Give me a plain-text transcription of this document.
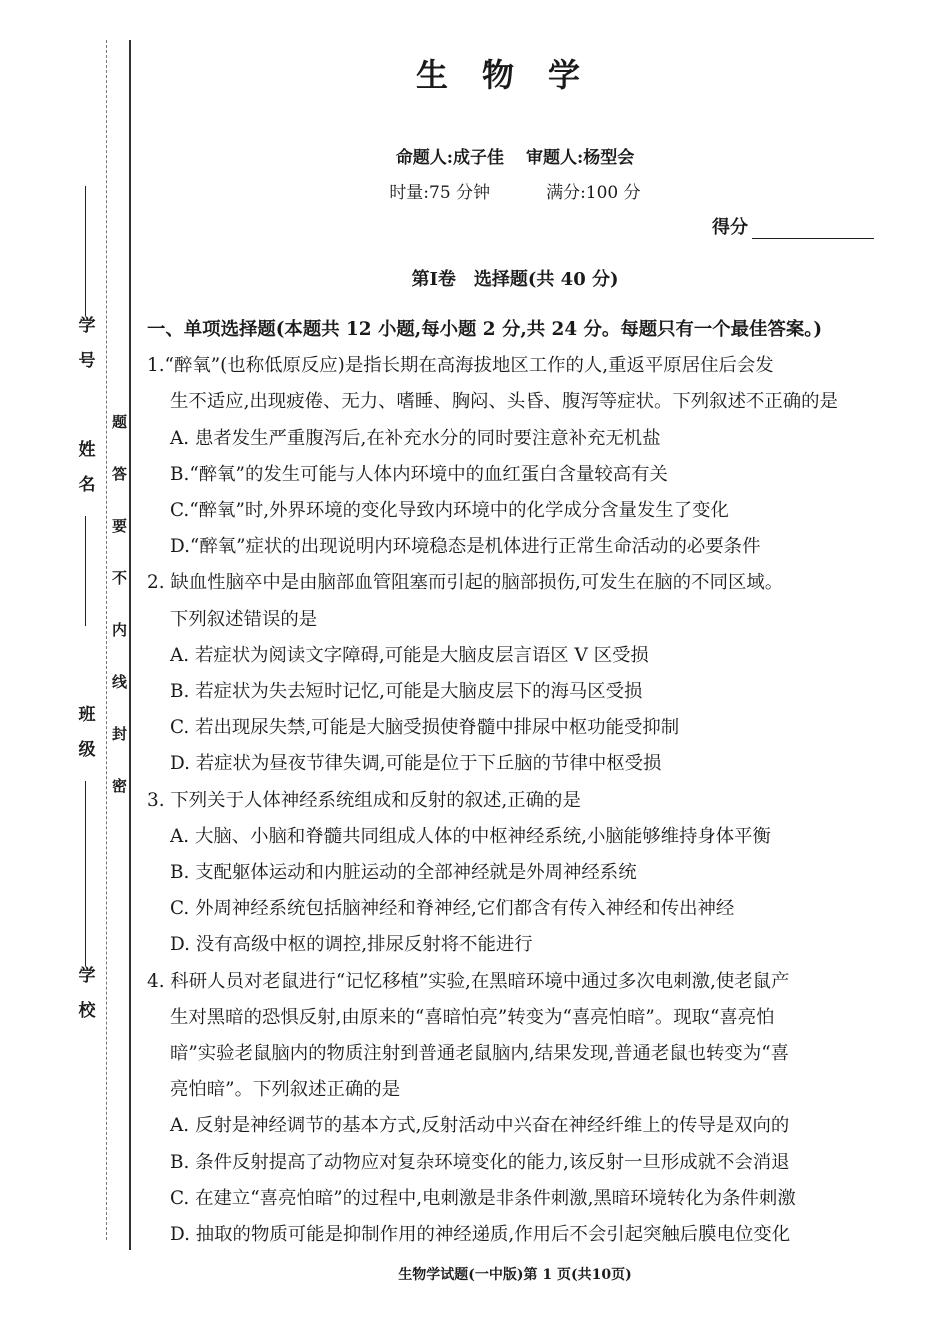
题
答
要
不
内
线
封
密
学号
姓名
班级
学校
生物学
命题人:成子佳 审题人:杨型会
时量:75 分钟	满分:100 分
得分
第Ⅰ卷　选择题(共 40 分)
一、单项选择题(本题共 12 小题,每小题 2 分,共 24 分。每题只有一个最佳答案。)
1.“醉氧”(也称低原反应)是指长期在高海拔地区工作的人,重返平原居住后会发
生不适应,出现疲倦、无力、嗜睡、胸闷、头昏、腹泻等症状。下列叙述不正确的是
A. 患者发生严重腹泻后,在补充水分的同时要注意补充无机盐
B.“醉氧”的发生可能与人体内环境中的血红蛋白含量较高有关
C.“醉氧”时,外界环境的变化导致内环境中的化学成分含量发生了变化
D.“醉氧”症状的出现说明内环境稳态是机体进行正常生命活动的必要条件
2. 缺血性脑卒中是由脑部血管阻塞而引起的脑部损伤,可发生在脑的不同区域。
下列叙述错误的是
A. 若症状为阅读文字障碍,可能是大脑皮层言语区 V 区受损
B. 若症状为失去短时记忆,可能是大脑皮层下的海马区受损
C. 若出现尿失禁,可能是大脑受损使脊髓中排尿中枢功能受抑制
D. 若症状为昼夜节律失调,可能是位于下丘脑的节律中枢受损
3. 下列关于人体神经系统组成和反射的叙述,正确的是
A. 大脑、小脑和脊髓共同组成人体的中枢神经系统,小脑能够维持身体平衡
B. 支配躯体运动和内脏运动的全部神经就是外周神经系统
C. 外周神经系统包括脑神经和脊神经,它们都含有传入神经和传出神经
D. 没有高级中枢的调控,排尿反射将不能进行
4. 科研人员对老鼠进行“记忆移植”实验,在黑暗环境中通过多次电刺激,使老鼠产
生对黑暗的恐惧反射,由原来的“喜暗怕亮”转变为“喜亮怕暗”。现取“喜亮怕
暗”实验老鼠脑内的物质注射到普通老鼠脑内,结果发现,普通老鼠也转变为“喜
亮怕暗”。下列叙述正确的是
A. 反射是神经调节的基本方式,反射活动中兴奋在神经纤维上的传导是双向的
B. 条件反射提高了动物应对复杂环境变化的能力,该反射一旦形成就不会消退
C. 在建立“喜亮怕暗”的过程中,电刺激是非条件刺激,黑暗环境转化为条件刺激
D. 抽取的物质可能是抑制作用的神经递质,作用后不会引起突触后膜电位变化
生物学试题(一中版)第 1 页(共10页)
